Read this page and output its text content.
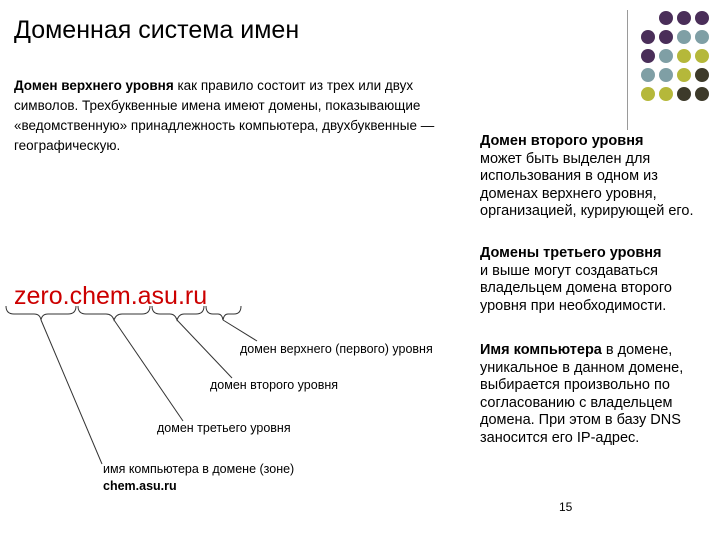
Доменная система имен
Домен верхнего уровня как правило состоит из трех или двух символов. Трехбуквенные имена имеют домены, показывающие «ведомственную» принадлежность компьютера, двухбуквенные — географическую.	Домен второго уровня
может быть выделен для использования в одном из доменах верхнего уровня, организацией, курирующей его.
Домены третьего уровня
и выше могут создаваться владельцем домена второго уровня при необходимости.
Имя компьютера в домене, уникальное в данном домене, выбирается произвольно по согласованию с владельцем домена. При этом в базу DNS заносится его IP-адрес.
zero.chem.asu.ru
домен верхнего (первого) уровня
домен второго уровня
домен третьего уровня
имя компьютера в домене (зоне)
chem.asu.ru
15
